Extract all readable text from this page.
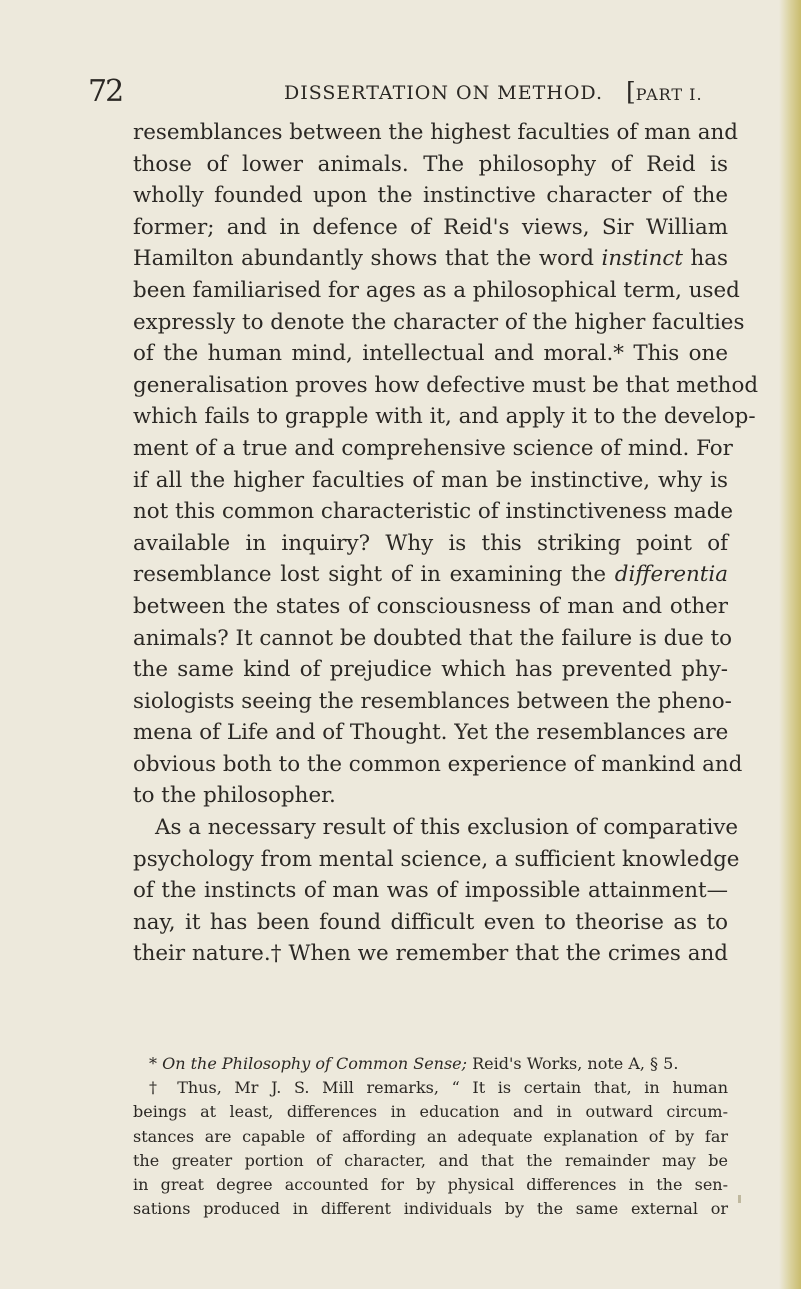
72	DISSERTATION ON METHOD. [PART I.
resemblances between the highest faculties of man and
those of lower animals. The philosophy of Reid is
wholly founded upon the instinctive character of the
former; and in defence of Reid's views, Sir William
Hamilton abundantly shows that the word instinct has
been familiarised for ages as a philosophical term, used
expressly to denote the character of the higher faculties
of the human mind, intellectual and moral.* This one
generalisation proves how defective must be that method
which fails to grapple with it, and apply it to the develop-
ment of a true and comprehensive science of mind. For
if all the higher faculties of man be instinctive, why is
not this common characteristic of instinctiveness made
available in inquiry? Why is this striking point of
resemblance lost sight of in examining the differentia
between the states of consciousness of man and other
animals? It cannot be doubted that the failure is due to
the same kind of prejudice which has prevented phy-
siologists seeing the resemblances between the pheno-
mena of Life and of Thought. Yet the resemblances are
obvious both to the common experience of mankind and
to the philosopher.
As a necessary result of this exclusion of comparative
psychology from mental science, a sufficient knowledge
of the instincts of man was of impossible attainment—
nay, it has been found difficult even to theorise as to
their nature.† When we remember that the crimes and
* On the Philosophy of Common Sense; Reid's Works, note A, § 5.
† Thus, Mr J. S. Mill remarks, “ It is certain that, in human
beings at least, differences in education and in outward circum-
stances are capable of affording an adequate explanation of by far
the greater portion of character, and that the remainder may be
in great degree accounted for by physical differences in the sen-
sations produced in different individuals by the same external or
